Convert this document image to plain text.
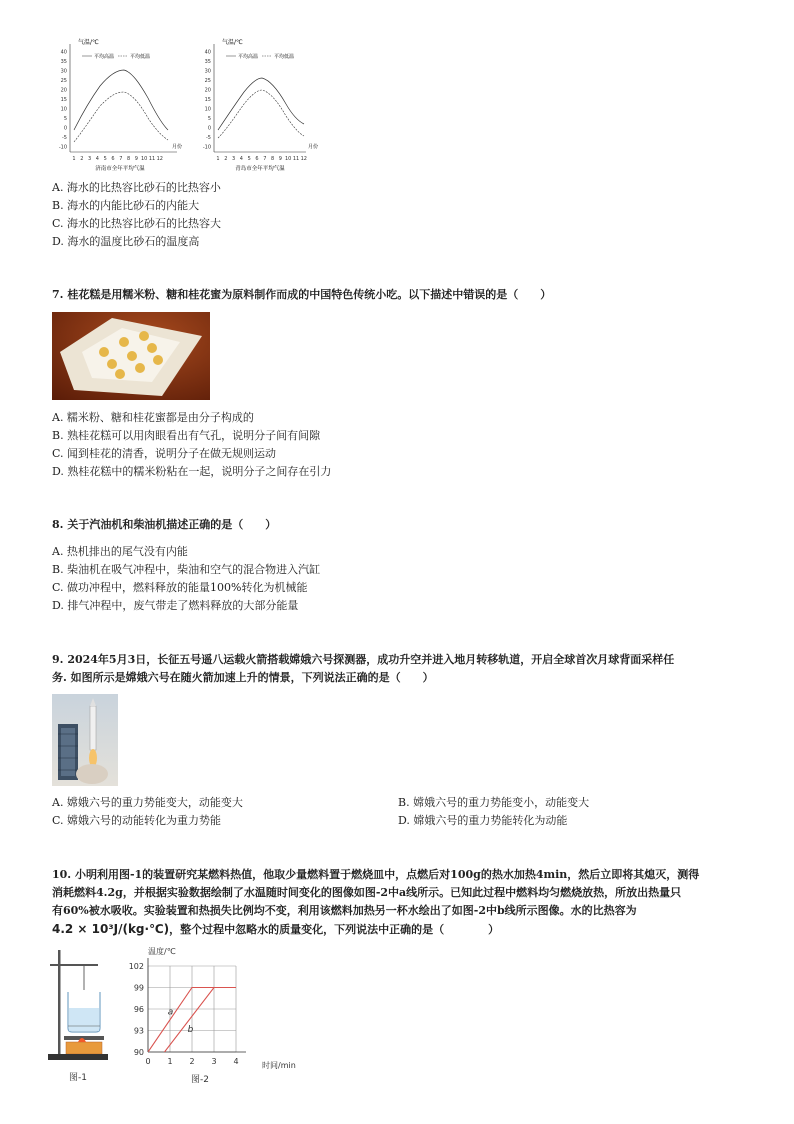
气温/℃
40
35
30
25
20
15
10
5
0
-5
-10
1 2 3 4 5 6 7 8 9 10 11 12
平均高温	平均低温
月份
济南市全年平均气温
气温/℃
40
35
30
25
20
15
10
5
0
-5
-10
1 2 3 4 5 6 7 8 9 10 11 12
平均高温	平均低温
月份
青岛市全年平均气温
A. 海水的比热容比砂石的比热容小
B. 海水的内能比砂石的内能大
C. 海水的比热容比砂石的比热容大
D. 海水的温度比砂石的温度高
7. 桂花糕是用糯米粉、糖和桂花蜜为原料制作而成的中国特色传统小吃。以下描述中错误的是（　　）
A. 糯米粉、糖和桂花蜜都是由分子构成的
B. 熟桂花糕可以用肉眼看出有气孔，说明分子间有间隙
C. 闻到桂花的清香，说明分子在做无规则运动
D. 熟桂花糕中的糯米粉粘在一起，说明分子之间存在引力
8. 关于汽油机和柴油机描述正确的是（　　）
A. 热机排出的尾气没有内能
B. 柴油机在吸气冲程中，柴油和空气的混合物进入汽缸
C. 做功冲程中，燃料释放的能量100%转化为机械能
D. 排气冲程中，废气带走了燃料释放的大部分能量
9. 2024年5月3日，长征五号遥八运载火箭搭载嫦娥六号探测器，成功升空并进入地月转移轨道，开启全球首次月球背面采样任
务. 如图所示是嫦娥六号在随火箭加速上升的情景，下列说法正确的是（　　）
A. 嫦娥六号的重力势能变大，动能变大	B. 嫦娥六号的重力势能变小，动能变大
C. 嫦娥六号的动能转化为重力势能	D. 嫦娥六号的重力势能转化为动能
10. 小明利用图-1的装置研究某燃料热值，他取少量燃料置于燃烧皿中，点燃后对100g的热水加热4min，然后立即将其熄灭，测得
消耗燃料4.2g，并根据实验数据绘制了水温随时间变化的图像如图-2中a线所示。已知此过程中燃料均匀燃烧放热，所放出热量只
有60%被水吸收。实验装置和热损失比例均不变，利用该燃料加热另一杯水绘出了如图-2中b线所示图像。水的比热容为
4.2 × 10³J/(kg·℃)，整个过程中忽略水的质量变化，下列说法中正确的是（　　　　）
图-1
温度/℃
时间/min
图-2
0 1 2 3 4
102
99
96
93
90
a
b
